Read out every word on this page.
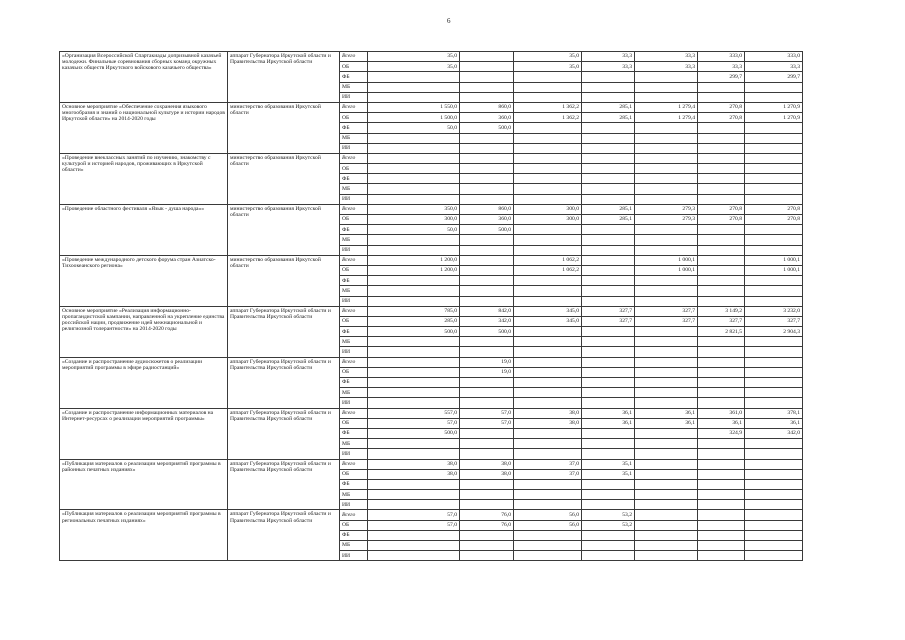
6
«Организация Всероссийской Спартакиады допризывной казачьей молодежи. Финальные соревнования сборных команд окружных казачьих обществ Иркутского войскового казачьего общества»	аппарат Губернатора Иркутской области и Правительства Иркутской области	Всего	35,0		35,0	33,3	33,3	333,0	333,0
		ОБ	35,0		35,0	33,3	33,3	33,3	33,3
		ФБ						299,7	299,7
		МБ							
		ИИ							
Основное мероприятие «Обеспечение сохранения языкового многообразия и знаний о национальной культуре и истории народов Иркутской области» на 2014-2020 годы	министерство образования Иркутской области	Всего	1 550,0	860,0	1 362,2	285,1	1 279,4	270,8	1 270,9
		ОБ	1 500,0	360,0	1 362,2	285,1	1 279,4	270,8	1 270,9
		ФБ	50,0	500,0					
		МБ							
		ИИ							
«Проведение внеклассных занятий по изучению, знакомству с культурой и историей народов, проживающих в Иркутской области»	министерство образования Иркутской области	Всего							
		ОБ							
		ФБ							
		МБ							
		ИИ							
«Проведение областного фестиваля «Язык - душа народа»»	министерство образования Иркутской области	Всего	350,0	860,0	300,0	285,1	279,3	270,8	270,8
		ОБ	300,0	360,0	300,0	285,1	279,3	270,8	270,8
		ФБ	50,0	500,0					
		МБ							
		ИИ							
«Проведение международного детского форума стран Азиатско-Тихоокеанского региона»	министерство образования Иркутской области	Всего	1 200,0		1 062,2		1 000,1		1 000,1
		ОБ	1 200,0		1 062,2		1 000,1		1 000,1
		ФБ							
		МБ							
		ИИ							
Основное мероприятие «Реализация информационно-пропагандистской кампании, направленной на укрепление единства российской нации, продвижение идей межнациональной и религиозной толерантности» на 2014-2020 годы	аппарат Губернатора Иркутской области и Правительства Иркутской области	Всего	785,0	842,0	345,0	327,7	327,7	3 149,2	3 232,0
		ОБ	285,0	342,0	345,0	327,7	327,7	327,7	327,7
		ФБ	500,0	500,0				2 821,5	2 904,3
		МБ							
		ИИ							
«Создание и распространение аудиосюжетов о реализации мероприятий программы в эфире радиостанций»	аппарат Губернатора Иркутской области и Правительства Иркутской области	Всего		19,0					
		ОБ		19,0					
		ФБ							
		МБ							
		ИИ							
«Создание и распространение информационных материалов на Интернет-ресурсах о реализации мероприятий программы»	аппарат Губернатора Иркутской области и Правительства Иркутской области	Всего	557,0	57,0	38,0	36,1	36,1	361,0	378,1
		ОБ	57,0	57,0	38,0	36,1	36,1	36,1	36,1
		ФБ	500,0					324,9	342,0
		МБ							
		ИИ							
«Публикация материалов о реализации мероприятий программы в районных печатных изданиях»	аппарат Губернатора Иркутской области и Правительства Иркутской области	Всего	38,0	38,0	37,0	35,1			
		ОБ	38,0	38,0	37,0	35,1			
		ФБ							
		МБ							
		ИИ							
«Публикация материалов о реализации мероприятий программы в региональных печатных изданиях»	аппарат Губернатора Иркутской области и Правительства Иркутской области	Всего	57,0	76,0	56,0	53,2			
		ОБ	57,0	76,0	56,0	53,2			
		ФБ							
		МБ							
		ИИ							
